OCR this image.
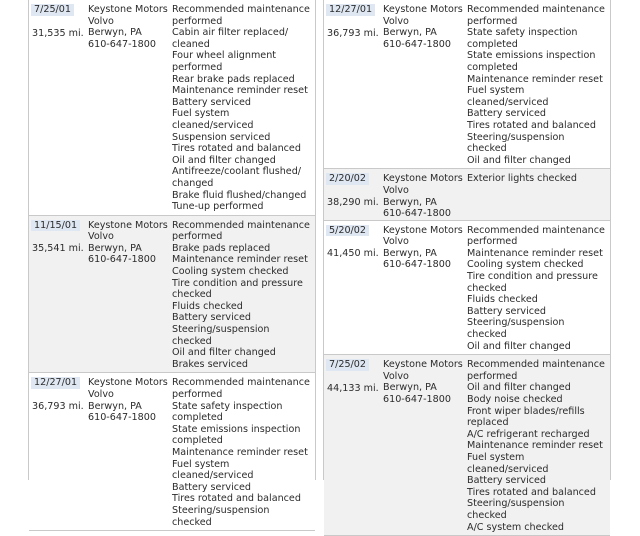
7/25/01
31,535 mi.
Keystone Motors
Volvo
Berwyn, PA
610-647-1800
Recommended maintenance performed
Cabin air filter replaced/ cleaned
Four wheel alignment performed
Rear brake pads replaced
Maintenance reminder reset
Battery serviced
Fuel system cleaned/serviced
Suspension serviced
Tires rotated and balanced
Oil and filter changed
Antifreeze/coolant flushed/ changed
Brake fluid flushed/changed
Tune-up performed
11/15/01
35,541 mi.
Keystone Motors
Volvo
Berwyn, PA
610-647-1800
Recommended maintenance performed
Brake pads replaced
Maintenance reminder reset
Cooling system checked
Tire condition and pressure checked
Fluids checked
Battery serviced
Steering/suspension checked
Oil and filter changed
Brakes serviced
12/27/01
36,793 mi.
Keystone Motors
Volvo
Berwyn, PA
610-647-1800
Recommended maintenance performed
State safety inspection completed
State emissions inspection completed
Maintenance reminder reset
Fuel system cleaned/serviced
Battery serviced
Tires rotated and balanced
Steering/suspension checked
12/27/01
36,793 mi.
Keystone Motors
Volvo
Berwyn, PA
610-647-1800
Recommended maintenance performed
State safety inspection completed
State emissions inspection completed
Maintenance reminder reset
Fuel system cleaned/serviced
Battery serviced
Tires rotated and balanced
Steering/suspension checked
Oil and filter changed
2/20/02
38,290 mi.
Keystone Motors
Volvo
Berwyn, PA
610-647-1800
Exterior lights checked
5/20/02
41,450 mi.
Keystone Motors
Volvo
Berwyn, PA
610-647-1800
Recommended maintenance performed
Maintenance reminder reset
Cooling system checked
Tire condition and pressure checked
Fluids checked
Battery serviced
Steering/suspension checked
Oil and filter changed
7/25/02
44,133 mi.
Keystone Motors
Volvo
Berwyn, PA
610-647-1800
Recommended maintenance performed
Oil and filter changed
Body noise checked
Front wiper blades/refills replaced
A/C refrigerant recharged
Maintenance reminder reset
Fuel system cleaned/serviced
Battery serviced
Tires rotated and balanced
Steering/suspension checked
A/C system checked
